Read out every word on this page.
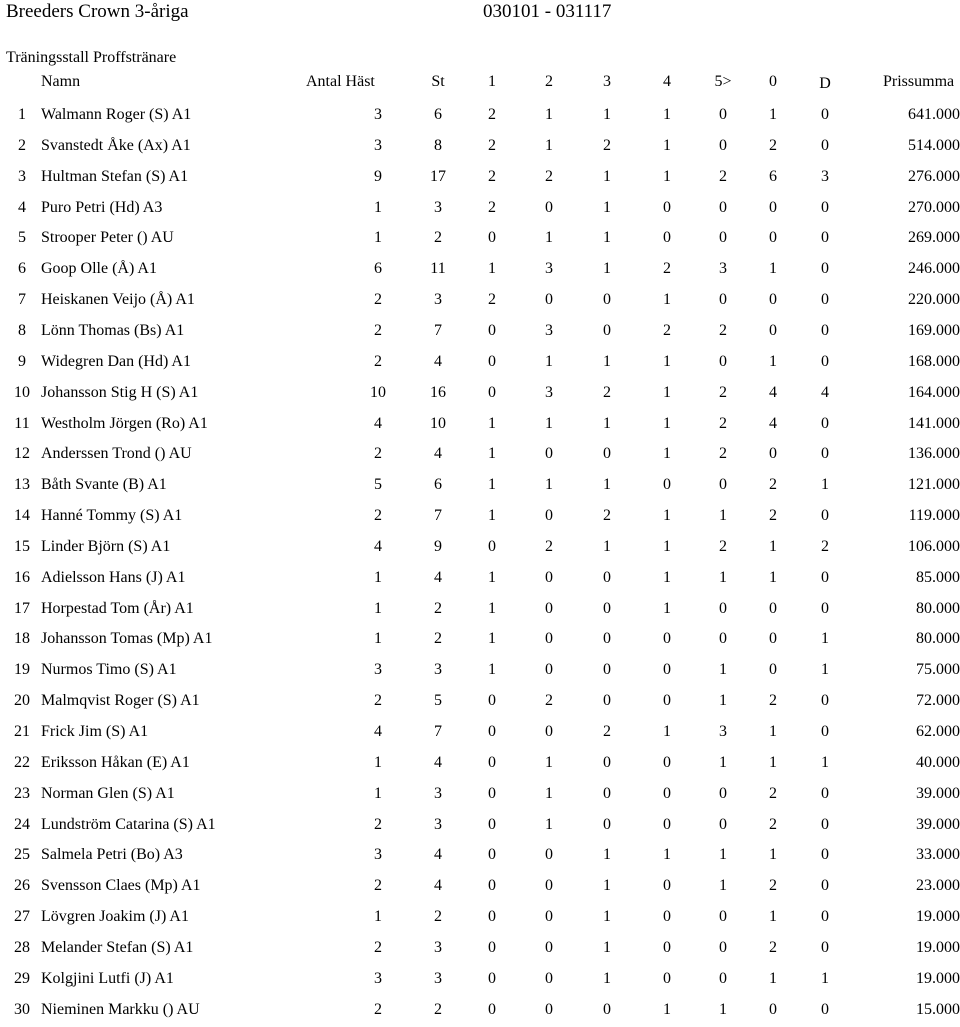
Breeders Crown 3-åriga	030101 - 031117
Träningsstall Proffstränare
Namn	Antal Häst	St	1	2	3	4	5>	0	D	Prissumma
1 Walmann Roger (S) A1	3	6	2	1	1	1	0	1	0	641.000
2 Svanstedt Åke (Ax) A1	3	8	2	1	2	1	0	2	0	514.000
3 Hultman Stefan (S) A1	9	17	2	2	1	1	2	6	3	276.000
4 Puro Petri (Hd) A3	1	3	2	0	1	0	0	0	0	270.000
5 Strooper Peter () AU	1	2	0	1	1	0	0	0	0	269.000
6 Goop Olle (Å) A1	6	11	1	3	1	2	3	1	0	246.000
7 Heiskanen Veijo (Å) A1	2	3	2	0	0	1	0	0	0	220.000
8 Lönn Thomas (Bs) A1	2	7	0	3	0	2	2	0	0	169.000
9 Widegren Dan (Hd) A1	2	4	0	1	1	1	0	1	0	168.000
10 Johansson Stig H (S) A1	10	16	0	3	2	1	2	4	4	164.000
11 Westholm Jörgen (Ro) A1	4	10	1	1	1	1	2	4	0	141.000
12 Anderssen Trond () AU	2	4	1	0	0	1	2	0	0	136.000
13 Båth Svante (B) A1	5	6	1	1	1	0	0	2	1	121.000
14 Hanné Tommy (S) A1	2	7	1	0	2	1	1	2	0	119.000
15 Linder Björn (S) A1	4	9	0	2	1	1	2	1	2	106.000
16 Adielsson Hans (J) A1	1	4	1	0	0	1	1	1	0	85.000
17 Horpestad Tom (År) A1	1	2	1	0	0	1	0	0	0	80.000
18 Johansson Tomas (Mp) A1	1	2	1	0	0	0	0	0	1	80.000
19 Nurmos Timo (S) A1	3	3	1	0	0	0	1	0	1	75.000
20 Malmqvist Roger (S) A1	2	5	0	2	0	0	1	2	0	72.000
21 Frick Jim (S) A1	4	7	0	0	2	1	3	1	0	62.000
22 Eriksson Håkan (E) A1	1	4	0	1	0	0	1	1	1	40.000
23 Norman Glen (S) A1	1	3	0	1	0	0	0	2	0	39.000
24 Lundström Catarina (S) A1	2	3	0	1	0	0	0	2	0	39.000
25 Salmela Petri (Bo) A3	3	4	0	0	1	1	1	1	0	33.000
26 Svensson Claes (Mp) A1	2	4	0	0	1	0	1	2	0	23.000
27 Lövgren Joakim (J) A1	1	2	0	0	1	0	0	1	0	19.000
28 Melander Stefan (S) A1	2	3	0	0	1	0	0	2	0	19.000
29 Kolgjini Lutfi (J) A1	3	3	0	0	1	0	0	1	1	19.000
30 Nieminen Markku () AU	2	2	0	0	0	1	1	0	0	15.000
